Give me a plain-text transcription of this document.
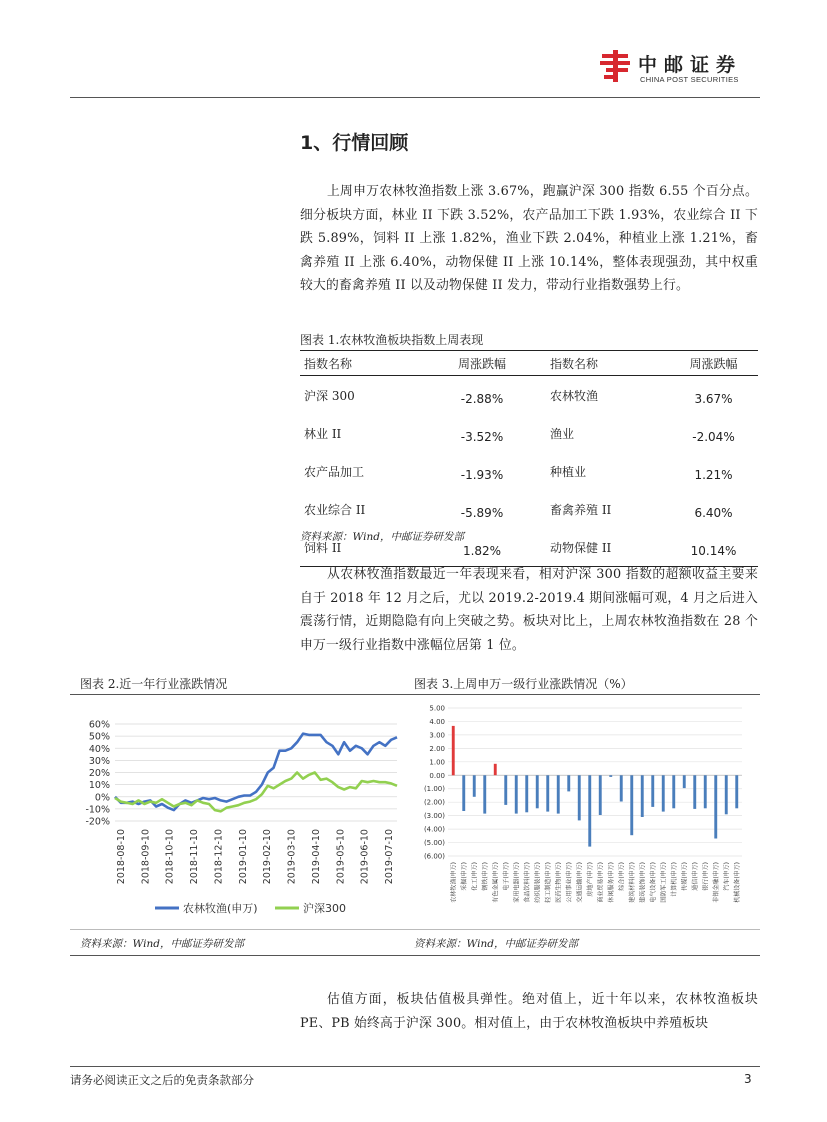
中邮证券
CHINA POST SECURITIES
1、行情回顾

上周申万农林牧渔指数上涨 3.67%，跑赢沪深 300 指数 6.55 个百分点。细分板块方面，林业 II 下跌 3.52%，农产品加工下跌 1.93%，农业综合 II 下跌 5.89%，饲料 II 上涨 1.82%，渔业下跌 2.04%，种植业上涨 1.21%，畜禽养殖 II 上涨 6.40%，动物保健 II 上涨 10.14%，整体表现强劲，其中权重较大的畜禽养殖 II 以及动物保健 II 发力，带动行业指数强势上行。

图表 1.农林牧渔板块指数上周表现
指数名称	周涨跌幅	指数名称	周涨跌幅
沪深 300	-2.88%	农林牧渔	3.67%
林业 II	-3.52%	渔业	-2.04%
农产品加工	-1.93%	种植业	1.21%
农业综合 II	-5.89%	畜禽养殖 II	6.40%
饲料 II	1.82%	动物保健 II	10.14%
资料来源：Wind，中邮证券研发部

从农林牧渔指数最近一年表现来看，相对沪深 300 指数的超额收益主要来自于 2018 年 12 月之后，尤以 2019.2-2019.4 期间涨幅可观，4 月之后进入震荡行情，近期隐隐有向上突破之势。板块对比上，上周农林牧渔指数在 28 个申万一级行业指数中涨幅位居第 1 位。

图表 2.近一年行业涨跌情况	图表 3.上周申万一级行业涨跌情况（%）
60%
50%
40%
30%
20%
10%
0%
-10%
-20%
2018-08-10 2018-09-10 2018-10-10 2018-11-10 2018-12-10 2019-01-10 2019-02-10 2019-03-10 2019-04-10 2019-05-10 2019-06-10 2019-07-10
农林牧渔(申万)	沪深300
5.00
4.00
3.00
2.00
1.00
0.00
(1.00)
(2.00)
(3.00)
(4.00)
(5.00)
(6.00)
农林牧渔(申万) 采掘(申万) 化工(申万) 钢铁(申万) 有色金属(申万) 电子(申万) 家用电器(申万) 食品饮料(申万) 纺织服装(申万) 轻工制造(申万) 医药生物(申万) 公用事业(申万) 交通运输(申万) 房地产(申万) 商业贸易(申万) 休闲服务(申万) 综合(申万) 建筑材料(申万) 建筑装饰(申万) 电气设备(申万) 国防军工(申万) 计算机(申万) 传媒(申万) 通信(申万) 银行(申万) 非银金融(申万) 汽车(申万) 机械设备(申万)
资料来源：Wind，中邮证券研发部	资料来源：Wind，中邮证券研发部

估值方面，板块估值极具弹性。绝对值上，近十年以来，农林牧渔板块 PE、PB 始终高于沪深 300。相对值上，由于农林牧渔板块中养殖板块

请务必阅读正文之后的免责条款部分	3
